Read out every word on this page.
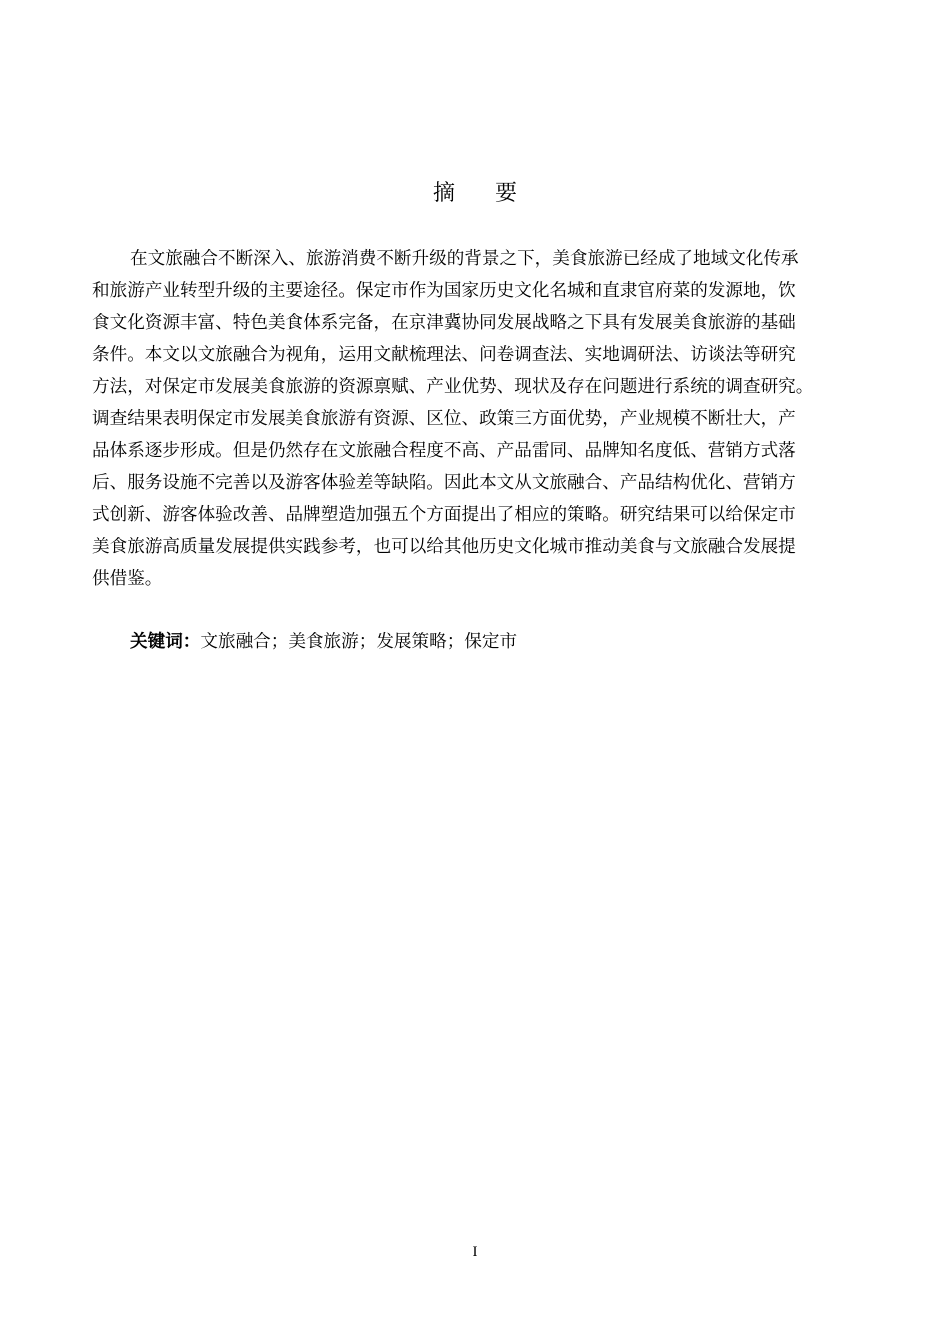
摘要
在文旅融合不断深入、旅游消费不断升级的背景之下，美食旅游已经成了地域文化传承
和旅游产业转型升级的主要途径。保定市作为国家历史文化名城和直隶官府菜的发源地，饮
食文化资源丰富、特色美食体系完备，在京津冀协同发展战略之下具有发展美食旅游的基础
条件。本文以文旅融合为视角，运用文献梳理法、问卷调查法、实地调研法、访谈法等研究
方法，对保定市发展美食旅游的资源禀赋、产业优势、现状及存在问题进行系统的调查研究。
调查结果表明保定市发展美食旅游有资源、区位、政策三方面优势，产业规模不断壮大，产
品体系逐步形成。但是仍然存在文旅融合程度不高、产品雷同、品牌知名度低、营销方式落
后、服务设施不完善以及游客体验差等缺陷。因此本文从文旅融合、产品结构优化、营销方
式创新、游客体验改善、品牌塑造加强五个方面提出了相应的策略。研究结果可以给保定市
美食旅游高质量发展提供实践参考，也可以给其他历史文化城市推动美食与文旅融合发展提
供借鉴。
关键词：文旅融合；美食旅游；发展策略；保定市
I
